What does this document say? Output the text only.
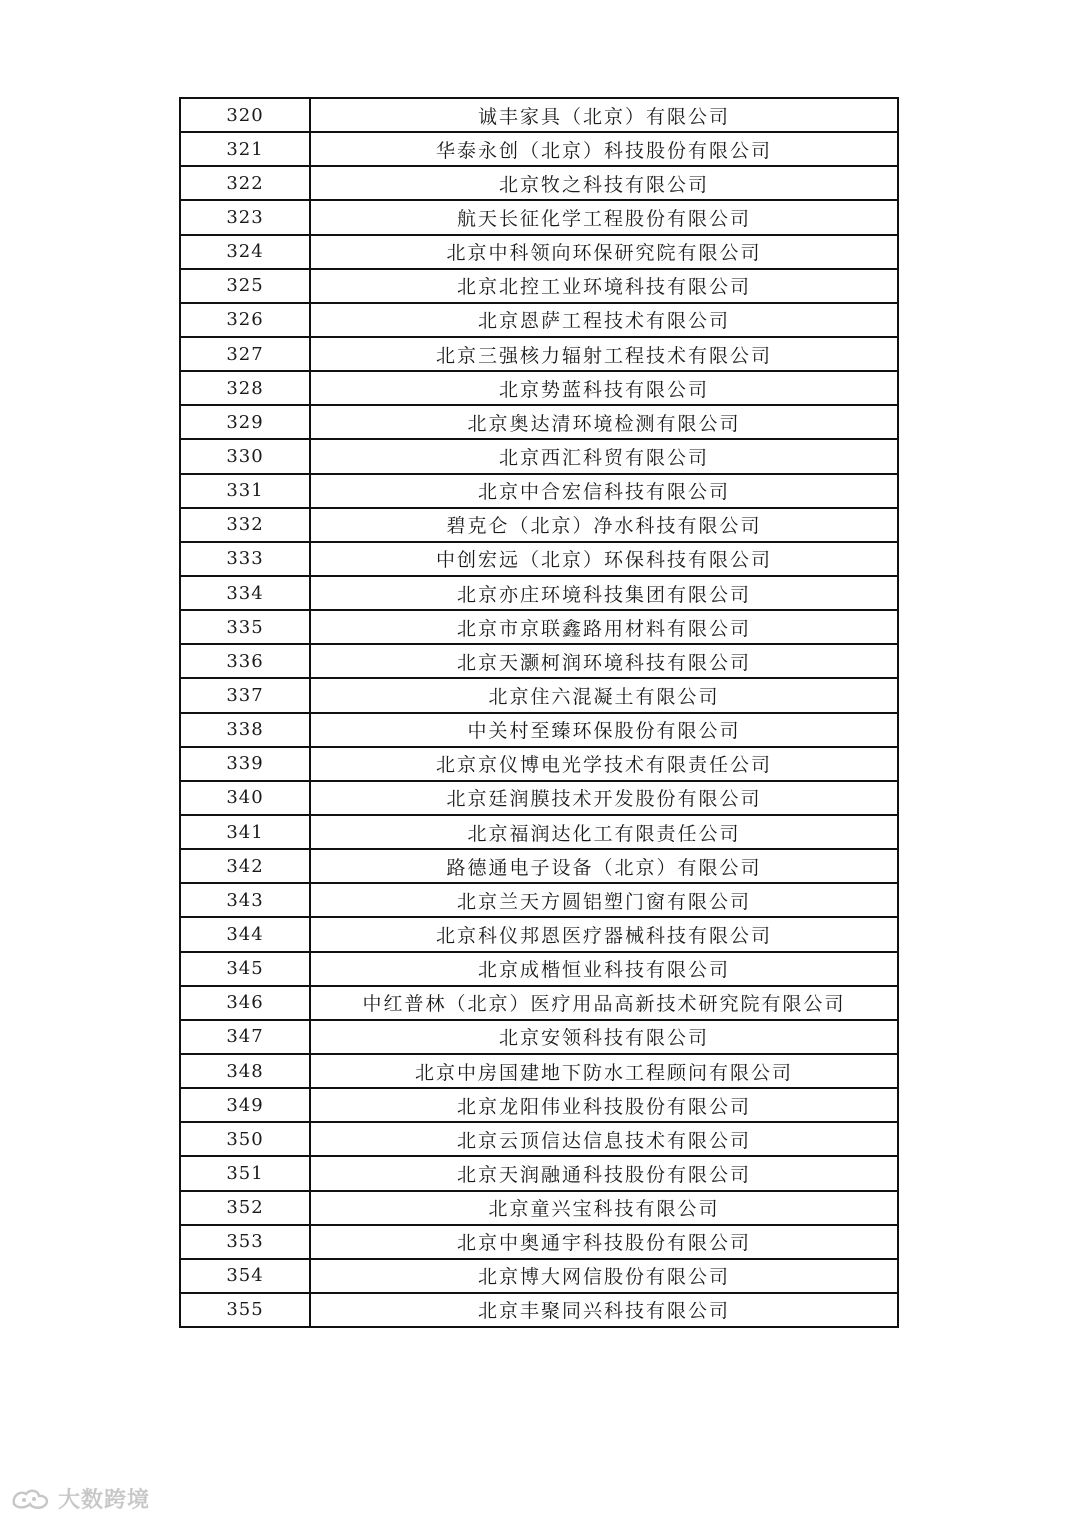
320	诚丰家具（北京）有限公司
321	华泰永创（北京）科技股份有限公司
322	北京牧之科技有限公司
323	航天长征化学工程股份有限公司
324	北京中科领向环保研究院有限公司
325	北京北控工业环境科技有限公司
326	北京恩萨工程技术有限公司
327	北京三强核力辐射工程技术有限公司
328	北京势蓝科技有限公司
329	北京奥达清环境检测有限公司
330	北京西汇科贸有限公司
331	北京中合宏信科技有限公司
332	碧克仑（北京）净水科技有限公司
333	中创宏远（北京）环保科技有限公司
334	北京亦庄环境科技集团有限公司
335	北京市京联鑫路用材料有限公司
336	北京天灏柯润环境科技有限公司
337	北京住六混凝土有限公司
338	中关村至臻环保股份有限公司
339	北京京仪博电光学技术有限责任公司
340	北京廷润膜技术开发股份有限公司
341	北京福润达化工有限责任公司
342	路德通电子设备（北京）有限公司
343	北京兰天方圆铝塑门窗有限公司
344	北京科仪邦恩医疗器械科技有限公司
345	北京成楷恒业科技有限公司
346	中红普林（北京）医疗用品高新技术研究院有限公司
347	北京安领科技有限公司
348	北京中房国建地下防水工程顾问有限公司
349	北京龙阳伟业科技股份有限公司
350	北京云顶信达信息技术有限公司
351	北京天润融通科技股份有限公司
352	北京童兴宝科技有限公司
353	北京中奥通宇科技股份有限公司
354	北京博大网信股份有限公司
355	北京丰聚同兴科技有限公司
大数跨境
